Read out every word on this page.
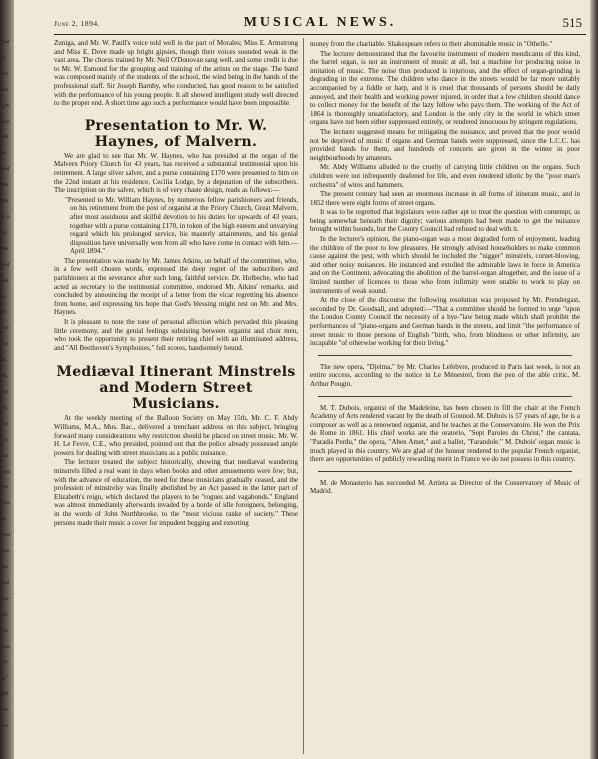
that
in
ere
eat
vith
was
ork
as
and
ten
lan
y, to
est
the
and
ard
to
ld
vas
the
es,
ng,
ese
sts,
the
ory,
ian
rom
nte
rom
er,
hird
ons
his
and
lon-
for
ran
ears
ays
g,"
ght
she
the
June 2, 1894.	MUSICAL NEWS.	515

Zuniga, and Mr. W. Paull's voice told well in the part of Morales; Miss E. Armstrong and Miss E. Dove made up bright gipsies, though their voices sounded weak in the vast area. The chorus trained by Mr. Neil O'Donovan sang well, and some credit is due to Mr. W. Esmond for the grouping and training of the artists on the stage. The band was composed mainly of the students of the school, the wind being in the hands of the professional staff. Sir Joseph Barnby, who conducted, has good reason to be satisfied with the performance of his young people. It all showed intelligent study well directed to the proper end. A short time ago such a performance would have been impossible.

Presentation to Mr. W. Haynes, of Malvern.

We are glad to see that Mr. W. Haynes, who has presided at the organ of the Malvern Priory Church for 43 years, has received a substantial testimonial upon his retirement. A large silver salver, and a purse containing £170 were presented to him on the 22nd instant at his residence, Cecilia Lodge, by a deputation of the subscribers. The inscription on the salver, which is of very chaste design, reads as follows:—

"Presented to Mr. William Haynes, by numerous fellow parishioners and friends, on his retirement from the post of organist at the Priory Church, Great Malvern, after most assiduous and skilful devotion to his duties for upwards of 43 years, together with a purse containing £170, in token of the high esteem and unvarying regard which his prolonged service, his masterly attainments, and his genial disposition have universally won from all who have come in contact with him.—April 1894."

The presentation was made by Mr. James Atkins, on behalf of the committee, who, in a few well chosen words, expressed the deep regret of the subscribers and parishioners at the severance after such long, faithful service. Dr. Holbeche, who had acted as secretary to the testimonial committee, endorsed Mr. Atkins' remarks, and concluded by announcing the receipt of a letter from the vicar regretting his absence from home, and expressing his hope that God's blessing might rest on Mr. and Mrs. Haynes.

It is pleasant to note the tone of personal affection which pervaded this pleasing little ceremony, and the genial feelings subsisting between organist and choir men, who took the opportunity to present their retiring chief with an illuminated address, and "All Beethoven's Symphonies," full scores, handsomely bound.

Mediæval Itinerant Minstrels and Modern Street Musicians.

At the weekly meeting of the Balloon Society on May 15th, Mr. C. F. Abdy Williams, M.A., Mus. Bac., delivered a trenchant address on this subject, bringing forward many considerations why restriction should be placed on street music. Mr. W. H. Le Fevre, C.E., who presided, pointed out that the police already possessed ample powers for dealing with street musicians as a public nuisance.

The lecturer treated the subject historically, showing that mediæval wandering minstrels filled a real want in days when books and other amusements were few; but, with the advance of education, the need for these musicians gradually ceased, and the profession of minstrelsy was finally abolished by an Act passed in the latter part of Elizabeth's reign, which declared the players to be "rogues and vagabonds." England was almost immediately afterwards invaded by a horde of idle foreigners, belonging, in the words of John Northbrooke, to the "most vicious ranke of society." These persons made their music a cover for impudent begging and extorting

money from the charitable. Shakespeare refers to their abominable music in "Othello."

The lecturer demonstrated that the favourite instrument of modern mendicants of this kind, the barrel organ, is not an instrument of music at all, but a machine for producing noise in imitation of music. The noise thus produced is injurious, and the effect of organ-grinding is degrading in the extreme. The children who dance in the streets would be far more suitably accompanied by a fiddle or harp, and it is cruel that thousands of persons should be daily annoyed, and their health and working power injured, in order that a few children should dance to collect money for the benefit of the lazy fellow who pays them. The working of the Act of 1864 is thoroughly unsatisfactory, and London is the only city in the world in which street organs have not been either suppressed entirely, or rendered innocuous by stringent regulations.

The lecturer suggested means for mitigating the nuisance, and proved that the poor would not be deprived of music if organs and German bands were suppressed, since the L.C.C. has provided bands for them, and hundreds of concerts are given in the winter in poor neighbourhoods by amateurs.

Mr. Abdy Williams alluded to the cruelty of carrying little children on the organs. Such children were not infrequently deafened for life, and even rendered idiotic by the "poor man's orchestra" of wires and hammers.

The present century had seen an enormous increase in all forms of itinerant music, and in 1852 there were eight forms of street organs.

It was to be regretted that legislators were rather apt to treat the question with contempt, as being somewhat beneath their dignity; various attempts had been made to get the nuisance brought within bounds, but the County Council had refused to deal with it.

In the lecturer's opinion, the piano-organ was a most degraded form of enjoyment, leading the children of the poor to low pleasures. He strongly advised householders to make common cause against the pest, with which should be included the "nigger" minstrels, cornet-blowing, and other noisy nuisances. He instanced and extolled the admirable laws in force in America and on the Continent, advocating the abolition of the barrel-organ altogether, and the issue of a limited number of licences to those who from infirmity were unable to work to play on instruments of weak sound.

At the close of the discourse the following resolution was proposed by Mr. Prendergast, seconded by Dr. Goodsall, and adopted:—"That a committee should be formed to urge "upon the London County Council the necessity of a bye-"law being made which shall prohibit the performances of "piano-organs and German bands in the streets, and limit "the performance of street music to those persons of English "birth, who, from blindness or other infirmity, are incapable "of otherwise working for their living."

The new opera, "Djelma," by Mr. Charles Lefebvre, produced in Paris last week, is not an entire success, according to the notice in Le Ménestrel, from the pen of the able critic, M. Arthur Pougin.

M. T. Dubois, organist of the Madeleine, has been chosen to fill the chair at the French Academy of Arts rendered vacant by the death of Gounod. M. Dubois is 57 years of age, he is a composer as well as a renowned organist, and he teaches at the Conservatoire. He won the Prix de Rome in 1861. His chief works are the oratorio, "Sept Paroles du Christ," the cantata, "Paradis Perdu," the opera, "Aben Amet," and a ballet, "Farandole." M. Dubois' organ music is much played in this country. We are glad of the honour rendered to the popular French organist, there are opportunities of publicly rewarding merit in France we do not possess in this country.

M. de Monasterio has succeeded M. Arrieta as Director of the Conservatory of Music of Madrid.
